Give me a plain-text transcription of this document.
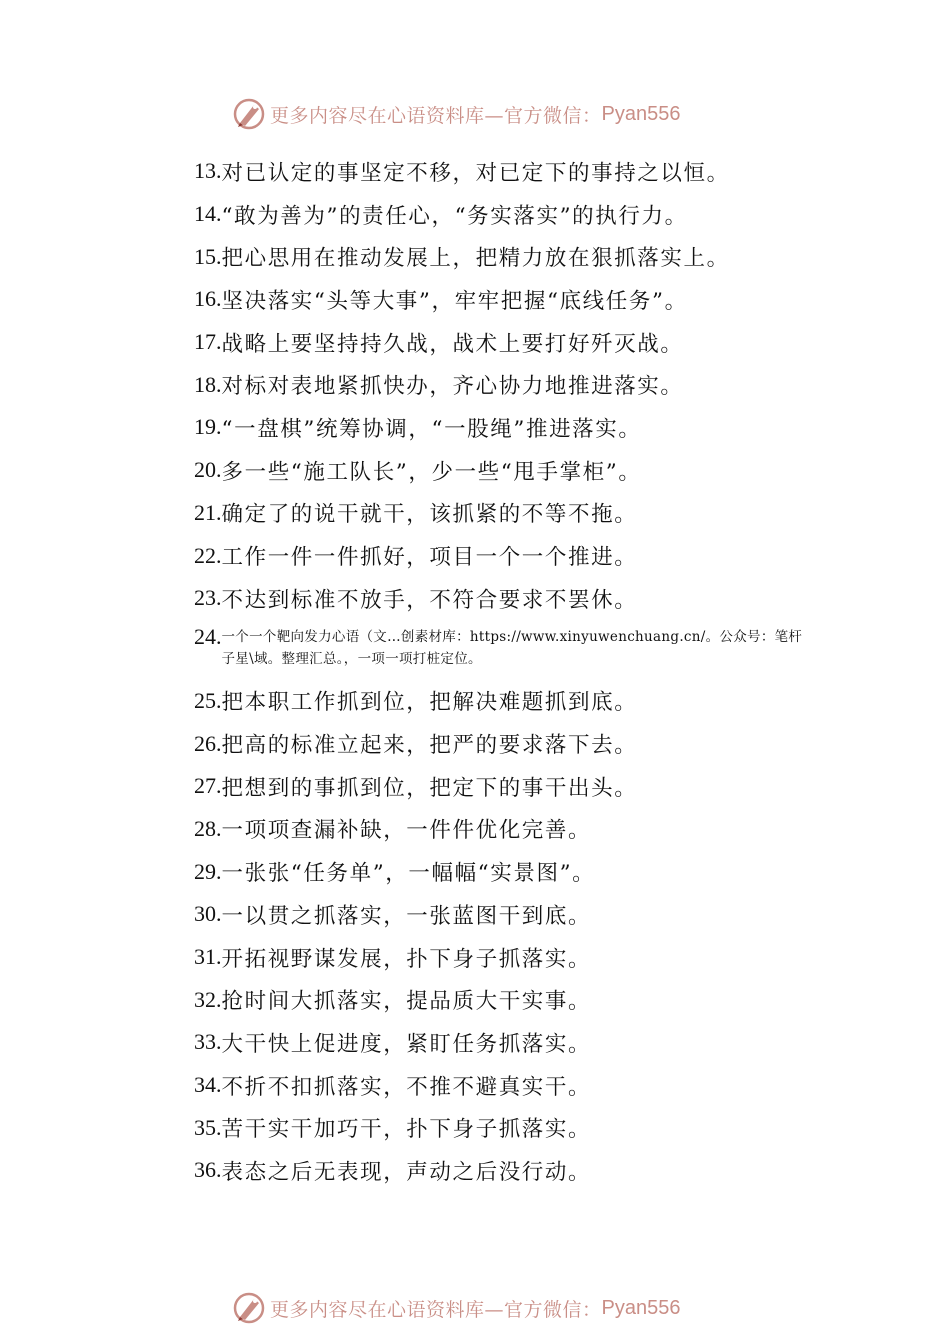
更多内容尽在心语资料库—官方微信： Pyan556
13. 对已认定的事坚定不移，对已定下的事持之以恒。
14. “敢为善为”的责任心，“务实落实”的执行力。
15. 把心思用在推动发展上，把精力放在狠抓落实上。
16. 坚决落实“头等大事”，牢牢把握“底线任务”。
17. 战略上要坚持持久战，战术上要打好歼灭战。
18. 对标对表地紧抓快办，齐心协力地推进落实。
19. “一盘棋”统筹协调，“一股绳”推进落实。
20. 多一些“施工队长”，少一些“甩手掌柜”。
21. 确定了的说干就干，该抓紧的不等不拖。
22. 工作一件一件抓好，项目一个一个推进。
23. 不达到标准不放手，不符合要求不罢休。
24. 一个一个靶向发力心语（文…创素材库：https://www.xinyuwenchuang.cn/。公众号：笔杆子星\域。整理汇总。，一项一项打桩定位。
25. 把本职工作抓到位，把解决难题抓到底。
26. 把高的标准立起来，把严的要求落下去。
27. 把想到的事抓到位，把定下的事干出头。
28. 一项项查漏补缺，一件件优化完善。
29. 一张张“任务单”，一幅幅“实景图”。
30. 一以贯之抓落实，一张蓝图干到底。
31. 开拓视野谋发展，扑下身子抓落实。
32. 抢时间大抓落实，提品质大干实事。
33. 大干快上促进度，紧盯任务抓落实。
34. 不折不扣抓落实，不推不避真实干。
35. 苦干实干加巧干，扑下身子抓落实。
36. 表态之后无表现，声动之后没行动。
更多内容尽在心语资料库—官方微信： Pyan556
